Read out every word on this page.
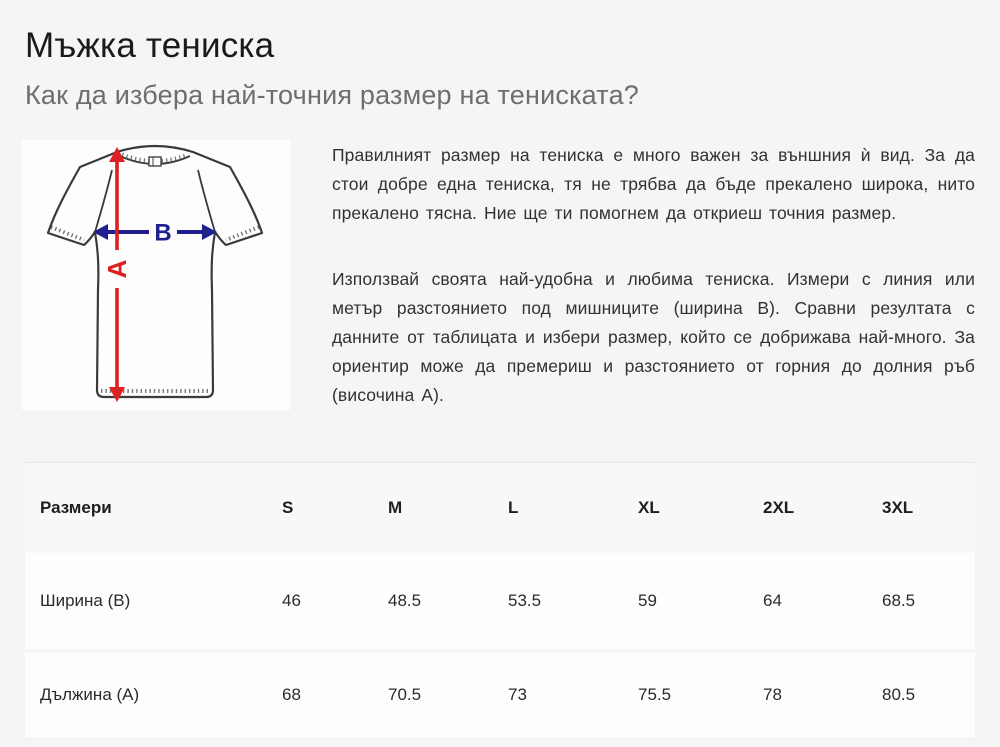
Мъжка тениска
Как да избера най-точния размер на тениската?
B
A

Правилният размер на тениска е много важен за външния ѝ вид. За да стои добре една тениска, тя не трябва да бъде прекалено широка, нито прекалено тясна. Ние ще ти помогнем да откриеш точния размер.

Използвай своята най-удобна и любима тениска. Измери с линия или метър разстоянието под мишниците (ширина B). Сравни резултата с данните от таблицата и избери размер, който се добрижава най-много. За ориентир може да премериш и разстоянието от горния до долния ръб (височина A).

Размери	S	M	L	XL	2XL	3XL
Ширина (B)	46	48.5	53.5	59	64	68.5
Дължина (A)	68	70.5	73	75.5	78	80.5
